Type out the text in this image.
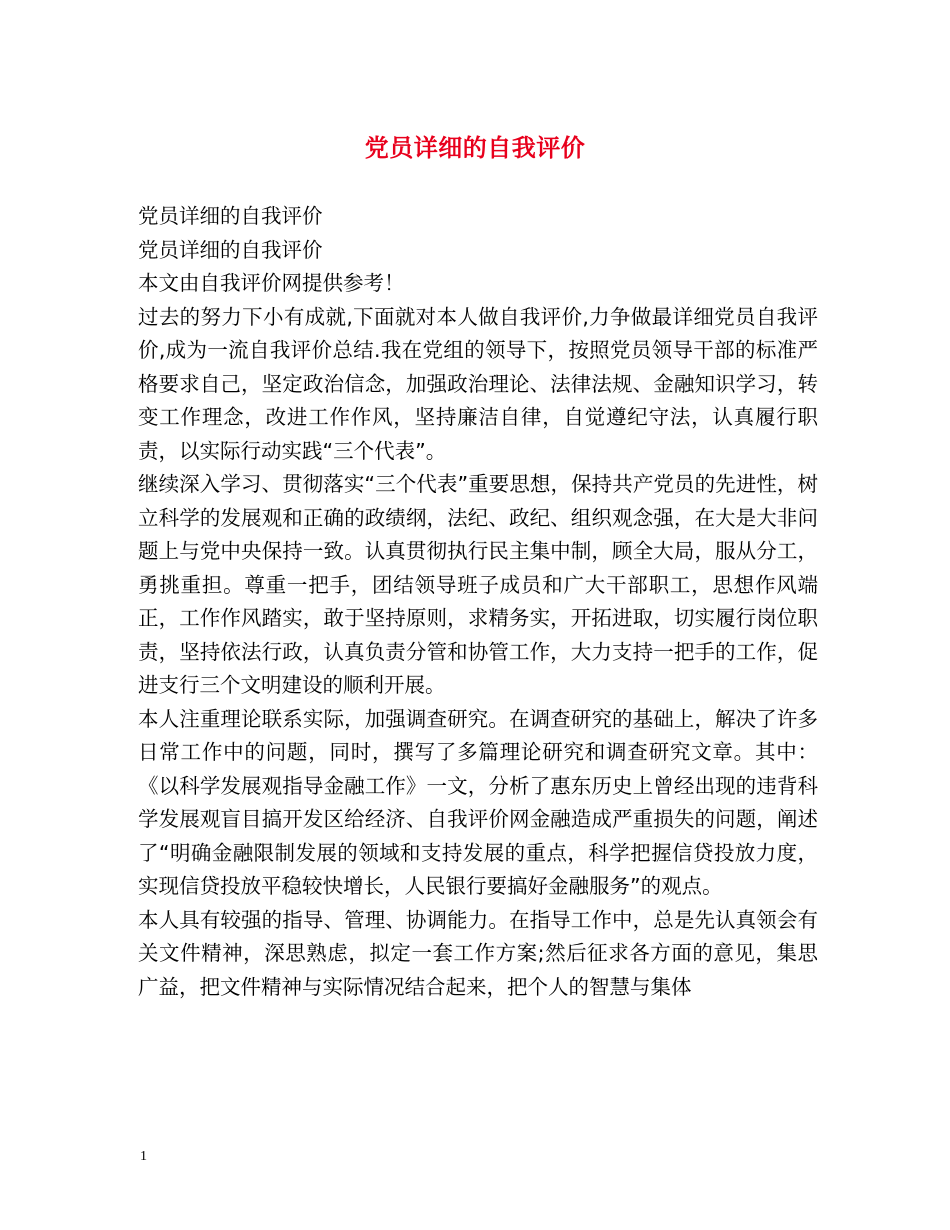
党员详细的自我评价

党员详细的自我评价

党员详细的自我评价

本文由自我评价网提供参考！

过去的努力下小有成就,下面就对本人做自我评价,力争做最详细党员自我评价,成为一流自我评价总结.我在党组的领导下，按照党员领导干部的标准严格要求自己，坚定政治信念，加强政治理论、法律法规、金融知识学习，转变工作理念，改进工作作风，坚持廉洁自律，自觉遵纪守法，认真履行职责，以实际行动实践“三个代表”。

继续深入学习、贯彻落实“三个代表”重要思想，保持共产党员的先进性，树立科学的发展观和正确的政绩纲，法纪、政纪、组织观念强，在大是大非问题上与党中央保持一致。认真贯彻执行民主集中制，顾全大局，服从分工，勇挑重担。尊重一把手，团结领导班子成员和广大干部职工，思想作风端正，工作作风踏实，敢于坚持原则，求精务实，开拓进取，切实履行岗位职责，坚持依法行政，认真负责分管和协管工作，大力支持一把手的工作，促进支行三个文明建设的顺利开展。

本人注重理论联系实际，加强调查研究。在调查研究的基础上，解决了许多日常工作中的问题，同时，撰写了多篇理论研究和调查研究文章。其中：《以科学发展观指导金融工作》一文，分析了惠东历史上曾经出现的违背科学发展观盲目搞开发区给经济、自我评价网金融造成严重损失的问题，阐述了“明确金融限制发展的领域和支持发展的重点，科学把握信贷投放力度，实现信贷投放平稳较快增长，人民银行要搞好金融服务”的观点。

本人具有较强的指导、管理、协调能力。在指导工作中，总是先认真领会有关文件精神，深思熟虑，拟定一套工作方案;然后征求各方面的意见，集思广益，把文件精神与实际情况结合起来，把个人的智慧与集体

1
